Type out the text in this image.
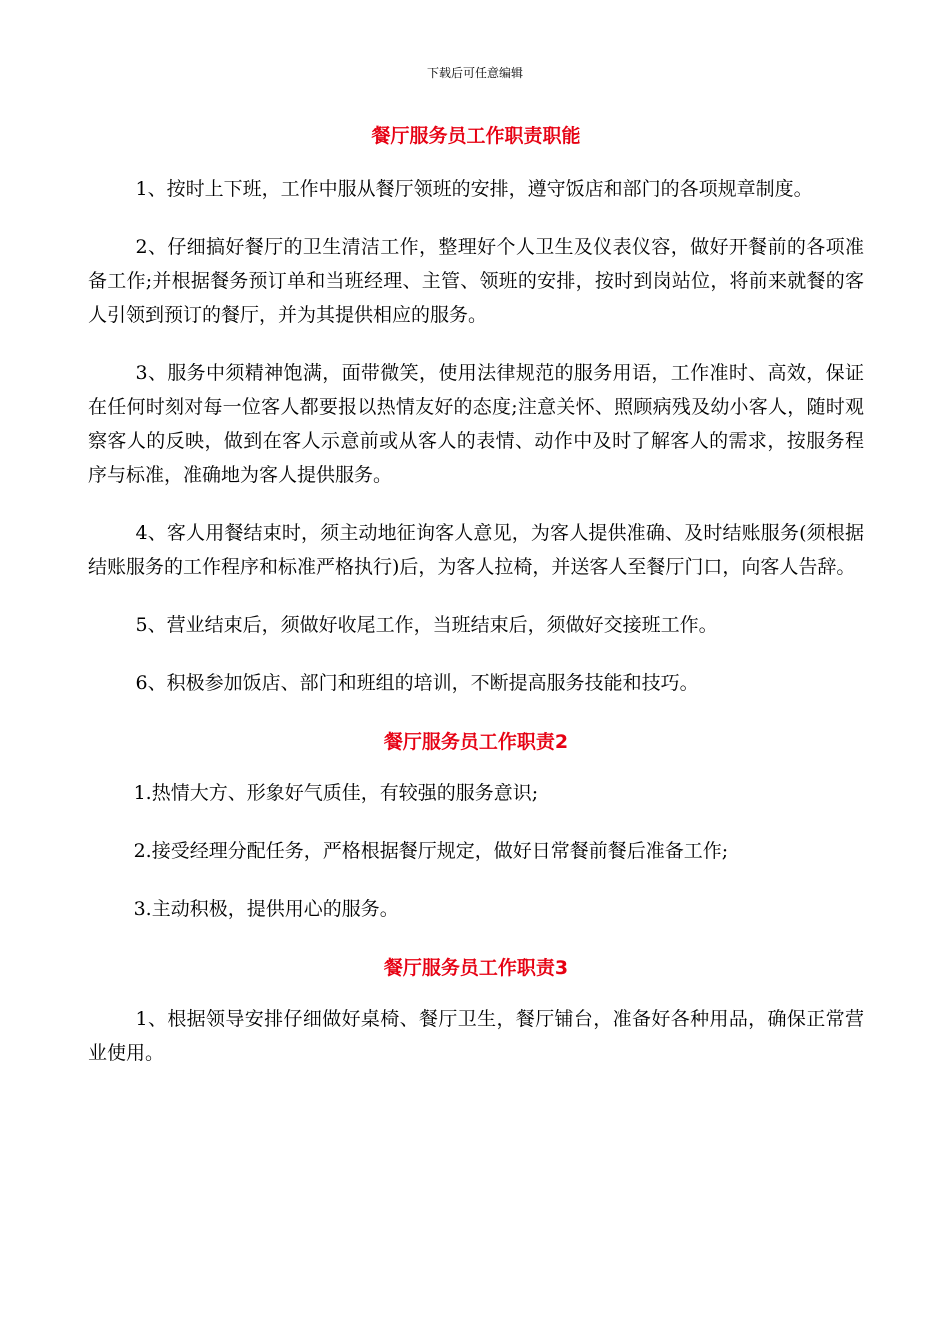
下载后可任意编辑
餐厅服务员工作职责职能

1、按时上下班，工作中服从餐厅领班的安排，遵守饭店和部门的各项规章制度。

2、仔细搞好餐厅的卫生清洁工作，整理好个人卫生及仪表仪容，做好开餐前的各项准备工作;并根据餐务预订单和当班经理、主管、领班的安排，按时到岗站位，将前来就餐的客人引领到预订的餐厅，并为其提供相应的服务。

3、服务中须精神饱满，面带微笑，使用法律规范的服务用语，工作准时、高效，保证在任何时刻对每一位客人都要报以热情友好的态度;注意关怀、照顾病残及幼小客人，随时观察客人的反映，做到在客人示意前或从客人的表情、动作中及时了解客人的需求，按服务程序与标准，准确地为客人提供服务。

4、客人用餐结束时，须主动地征询客人意见，为客人提供准确、及时结账服务(须根据结账服务的工作程序和标准严格执行)后，为客人拉椅，并送客人至餐厅门口，向客人告辞。

5、营业结束后，须做好收尾工作，当班结束后，须做好交接班工作。

6、积极参加饭店、部门和班组的培训，不断提高服务技能和技巧。

餐厅服务员工作职责2

1.热情大方、形象好气质佳，有较强的服务意识;

2.接受经理分配任务，严格根据餐厅规定，做好日常餐前餐后准备工作;

3.主动积极，提供用心的服务。

餐厅服务员工作职责3

1、根据领导安排仔细做好桌椅、餐厅卫生，餐厅铺台，准备好各种用品，确保正常营业使用。
